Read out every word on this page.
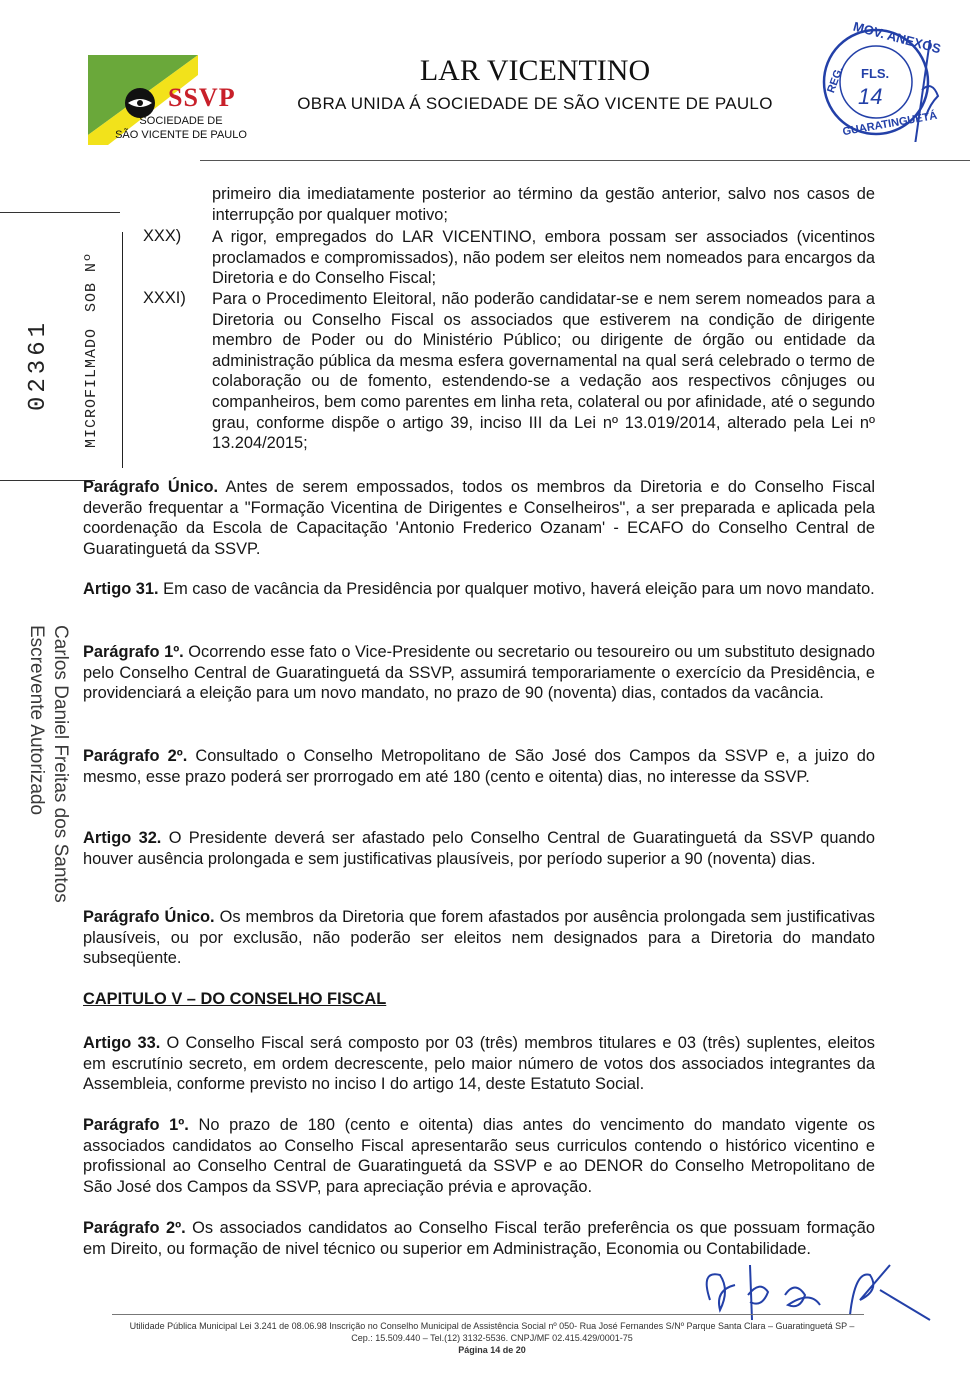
SSVP
SOCIEDADE DE
SÃO VICENTE DE PAULO
LAR VICENTINO
OBRA UNIDA Á SOCIEDADE DE SÃO VICENTE DE PAULO
MOV. ANEXOS
REG. FLS.
14
GUARATINGUETÁ
MICROFILMADO SOB Nº
02361
Carlos Daniel Freitas dos Santos
Escrevente Autorizado

primeiro dia imediatamente posterior ao término da gestão anterior, salvo nos casos de interrupção por qualquer motivo;

XXX) A rigor, empregados do LAR VICENTINO, embora possam ser associados (vicentinos proclamados e compromissados), não podem ser eleitos nem nomeados para encargos da Diretoria e do Conselho Fiscal;

XXXI) Para o Procedimento Eleitoral, não poderão candidatar-se e nem serem nomeados para a Diretoria ou Conselho Fiscal os associados que estiverem na condição de dirigente membro de Poder ou do Ministério Público; ou dirigente de órgão ou entidade da administração pública da mesma esfera governamental na qual será celebrado o termo de colaboração ou de fomento, estendendo-se a vedação aos respectivos cônjuges ou companheiros, bem como parentes em linha reta, colateral ou por afinidade, até o segundo grau, conforme dispõe o artigo 39, inciso III da Lei nº 13.019/2014, alterado pela Lei nº 13.204/2015;

Parágrafo Único. Antes de serem empossados, todos os membros da Diretoria e do Conselho Fiscal deverão frequentar a "Formação Vicentina de Dirigentes e Conselheiros", a ser preparada e aplicada pela coordenação da Escola de Capacitação 'Antonio Frederico Ozanam' - ECAFO do Conselho Central de Guaratinguetá da SSVP.

Artigo 31. Em caso de vacância da Presidência por qualquer motivo, haverá eleição para um novo mandato.

Parágrafo 1º. Ocorrendo esse fato o Vice-Presidente ou secretario ou tesoureiro ou um substituto designado pelo Conselho Central de Guaratinguetá da SSVP, assumirá temporariamente o exercício da Presidência, e providenciará a eleição para um novo mandato, no prazo de 90 (noventa) dias, contados da vacância.

Parágrafo 2º. Consultado o Conselho Metropolitano de São José dos Campos da SSVP e, a juizo do mesmo, esse prazo poderá ser prorrogado em até 180 (cento e oitenta) dias, no interesse da SSVP.

Artigo 32. O Presidente deverá ser afastado pelo Conselho Central de Guaratinguetá da SSVP quando houver ausência prolongada e sem justificativas plausíveis, por período superior a 90 (noventa) dias.

Parágrafo Único. Os membros da Diretoria que forem afastados por ausência prolongada sem justificativas plausíveis, ou por exclusão, não poderão ser eleitos nem designados para a Diretoria do mandato subseqüente.

CAPITULO V – DO CONSELHO FISCAL

Artigo 33. O Conselho Fiscal será composto por 03 (três) membros titulares e 03 (três) suplentes, eleitos em escrutínio secreto, em ordem decrescente, pelo maior número de votos dos associados integrantes da Assembleia, conforme previsto no inciso I do artigo 14, deste Estatuto Social.

Parágrafo 1º. No prazo de 180 (cento e oitenta) dias antes do vencimento do mandato vigente os associados candidatos ao Conselho Fiscal apresentarão seus curriculos contendo o histórico vicentino e profissional ao Conselho Central de Guaratinguetá da SSVP e ao DENOR do Conselho Metropolitano de São José dos Campos da SSVP, para apreciação prévia e aprovação.

Parágrafo 2º. Os associados candidatos ao Conselho Fiscal terão preferência os que possuam formação em Direito, ou formação de nivel técnico ou superior em Administração, Economia ou Contabilidade.

Utilidade Pública Municipal Lei 3.241 de 08.06.98 Inscrição no Conselho Municipal de Assistência Social nº 050- Rua José Fernandes S/Nº Parque Santa Clara – Guaratinguetá SP –
Cep.: 15.509.440 – Tel.(12) 3132-5536. CNPJ/MF 02.415.429/0001-75
Página 14 de 20
